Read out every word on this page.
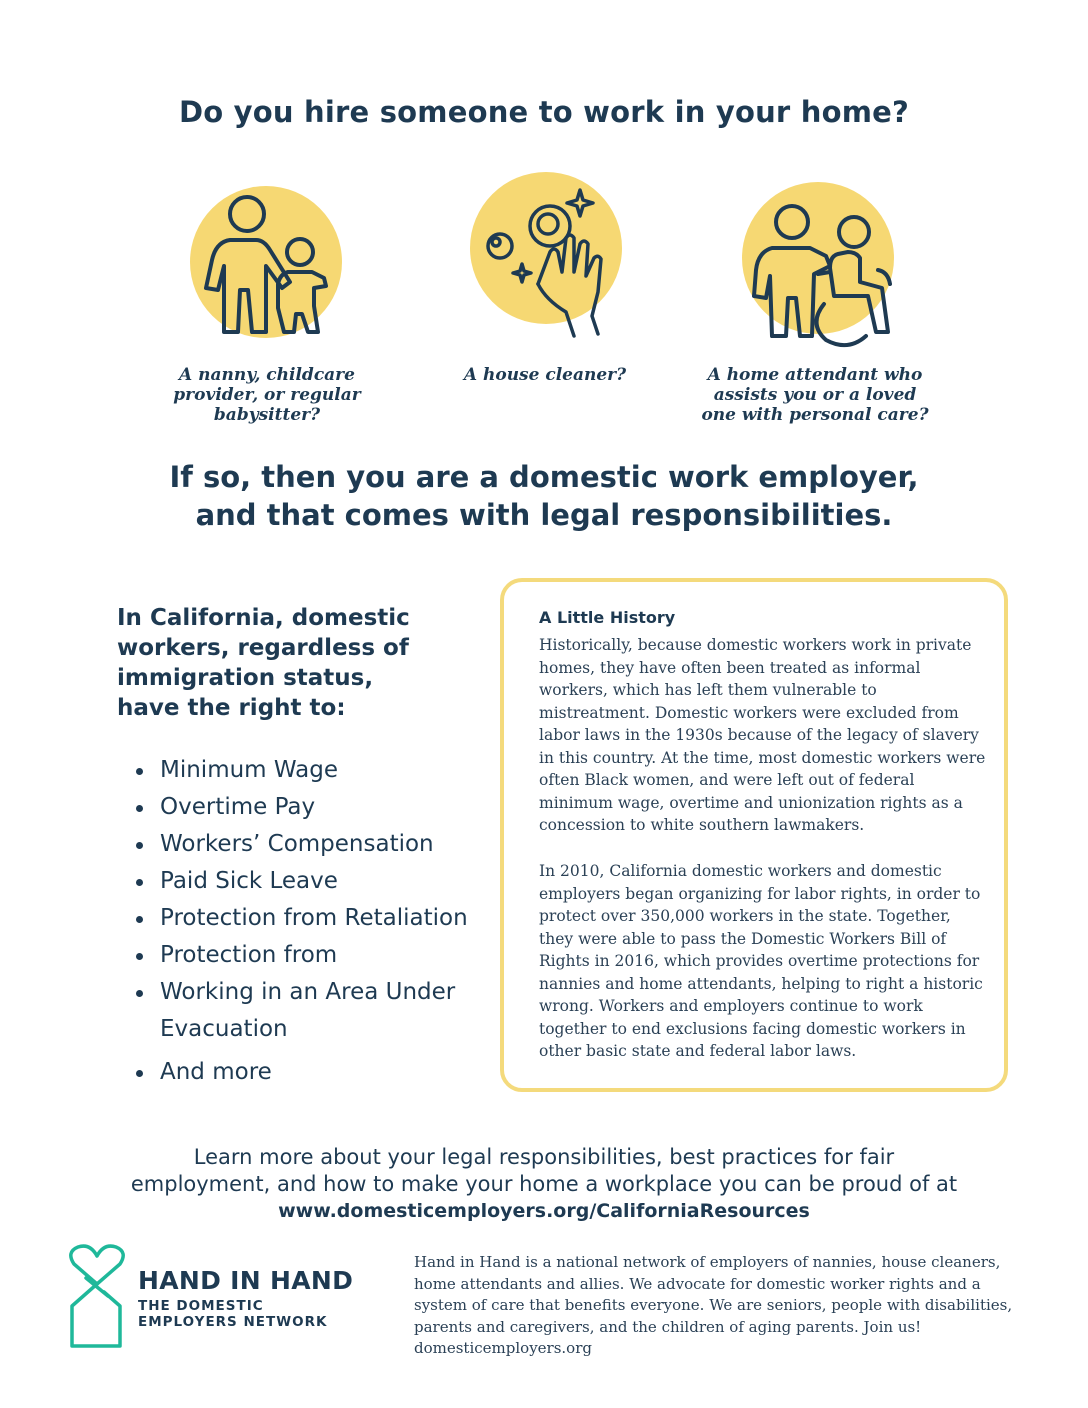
Do you hire someone to work in your home?
A nanny, childcare provider, or regular babysitter?
A house cleaner?	A home attendant who assists you or a loved one with personal care?
If so, then you are a domestic work employer,
and that comes with legal responsibilities.
In California, domestic
workers, regardless of
immigration status,
have the right to:
Minimum Wage
Overtime Pay
Workers’ Compensation
Paid Sick Leave
Protection from Retaliation
Protection from
Working in an Area Under Evacuation
And more
A Little History

Historically, because domestic workers work in private homes, they have often been treated as informal workers, which has left them vulnerable to mistreatment. Domestic workers were excluded from labor laws in the 1930s because of the legacy of slavery in this country. At the time, most domestic workers were often Black women, and were left out of federal minimum wage, overtime and unionization rights as a concession to white southern lawmakers.

In 2010, California domestic workers and domestic employers began organizing for labor rights, in order to protect over 350,000 workers in the state. Together, they were able to pass the Domestic Workers Bill of Rights in 2016, which provides overtime protections for nannies and home attendants, helping to right a historic wrong. Workers and employers continue to work together to end exclusions facing domestic workers in other basic state and federal labor laws.

Learn more about your legal responsibilities, best practices for fair
employment, and how to make your home a workplace you can be proud of at
www.domesticemployers.org/CaliforniaResources
HAND IN HAND
THE DOMESTIC
EMPLOYERS NETWORK

Hand in Hand is a national network of employers of nannies, house cleaners, home attendants and allies. We advocate for domestic worker rights and a system of care that benefits everyone. We are seniors, people with disabilities, parents and caregivers, and the children of aging parents. Join us! domesticemployers.org
